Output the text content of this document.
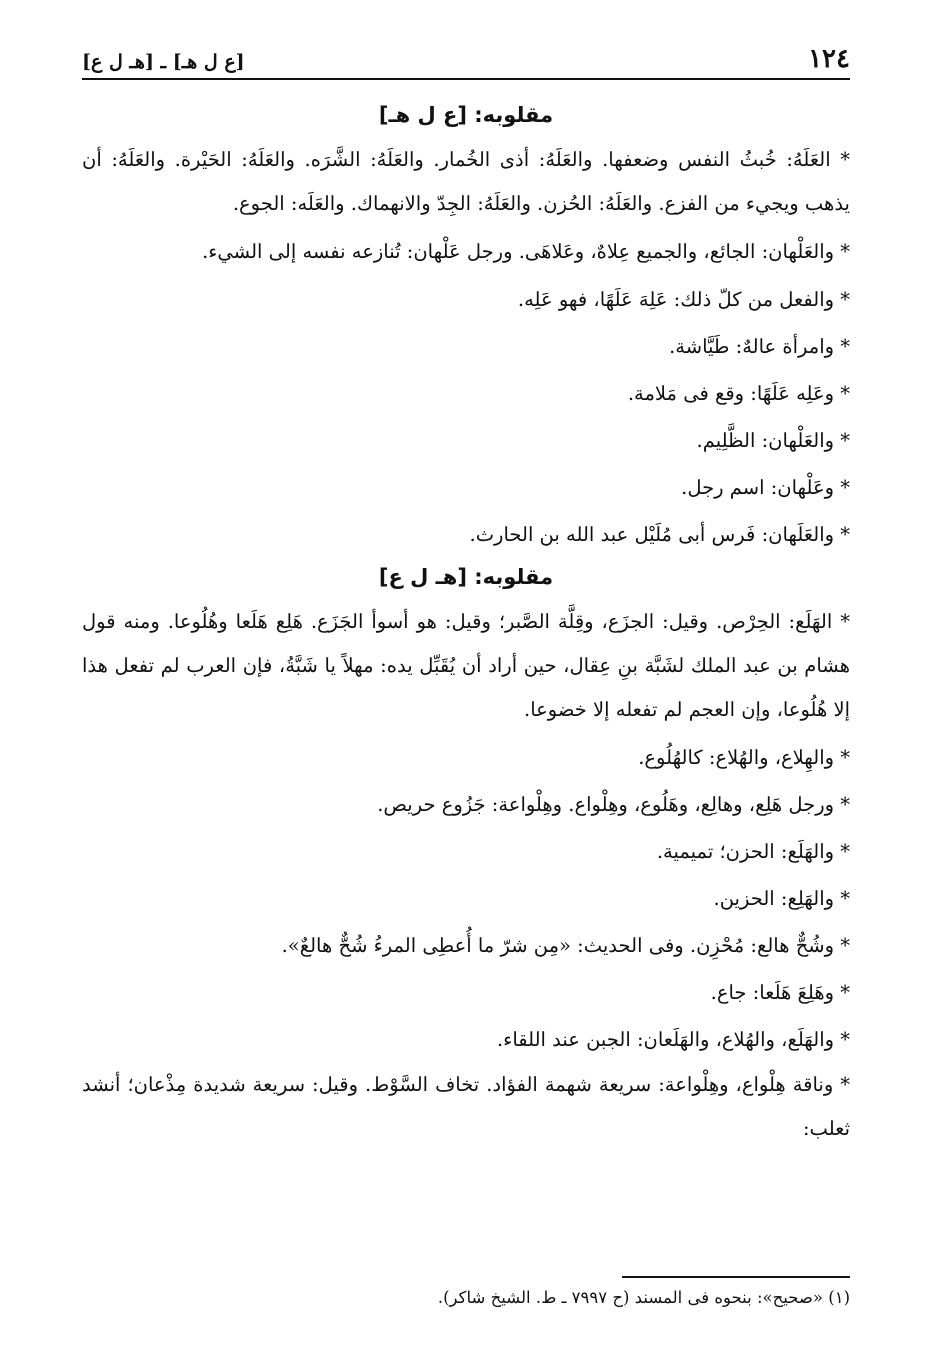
١٢٤
[ع ل هـ] ـ [هـ ل ع]
مقلوبه: [ع ل هـ]

* العَلَهُ: خُبثُ النفس وضعفها. والعَلَهُ: أذى الخُمار. والعَلَهُ: الشَّرَه. والعَلَهُ: الحَيْرة. والعَلَهُ: أن يذهب ويجيء من الفزع. والعَلَهُ: الحُزن. والعَلَهُ: الجِدّ والانهماك. والعَلَه: الجوع.

* والعَلْهان: الجائع، والجميع عِلاهٌ، وعَلاهَى. ورجل عَلْهان: تُنازعه نفسه إلى الشيء.

* والفعل من كلّ ذلك: عَلِهَ عَلَهًا، فهو عَلِه.
* وامرأة عالهٌ: طَيَّاشة.
* وعَلِه عَلَهًا: وقع فى مَلامة.
* والعَلْهان: الظَّلِيم.
* وعَلْهان: اسم رجل.
* والعَلَهان: فَرس أبى مُلَيْل عبد الله بن الحارث.
مقلوبه: [هـ ل ع]

* الهَلَع: الحِرْص. وقيل: الجزَع، وقِلَّة الصَّبر؛ وقيل: هو أسوأ الجَزَع. هَلِع هَلَعا وهُلُوعا. ومنه قول هشام بن عبد الملك لشَبَّة بنِ عِقال، حين أراد أن يُقَبِّل يده: مهلاً يا شَبَّةُ، فإن العرب لم تفعل هذا إلا هُلُوعا، وإن العجم لم تفعله إلا خضوعا.

* والهِلاع، والهُلاع: كالهُلُوع.
* ورجل هَلِع، وهالِع، وهَلُوع، وهِلْواع. وهِلْواعة: جَزُوع حريص.
* والهَلَع: الحزن؛ تميمية.
* والهَلِع: الحزين.
* وشُحٌّ هالع: مُحْزِن. وفى الحديث: «مِن شرّ ما أُعطِى المرءُ شُحٌّ هالعٌ».
* وهَلِعَ هَلَعا: جاع.
* والهَلَع، والهُلاع، والهَلَعان: الجبن عند اللقاء.

* وناقة هِلْواع، وهِلْواعة: سريعة شهمة الفؤاد. تخاف السَّوْط. وقيل: سريعة شديدة مِذْعان؛ أنشد ثعلب:

(١) «صحيح»: بنحوه فى المسند (ح ٧٩٩٧ ـ ط. الشيخ شاكر).
